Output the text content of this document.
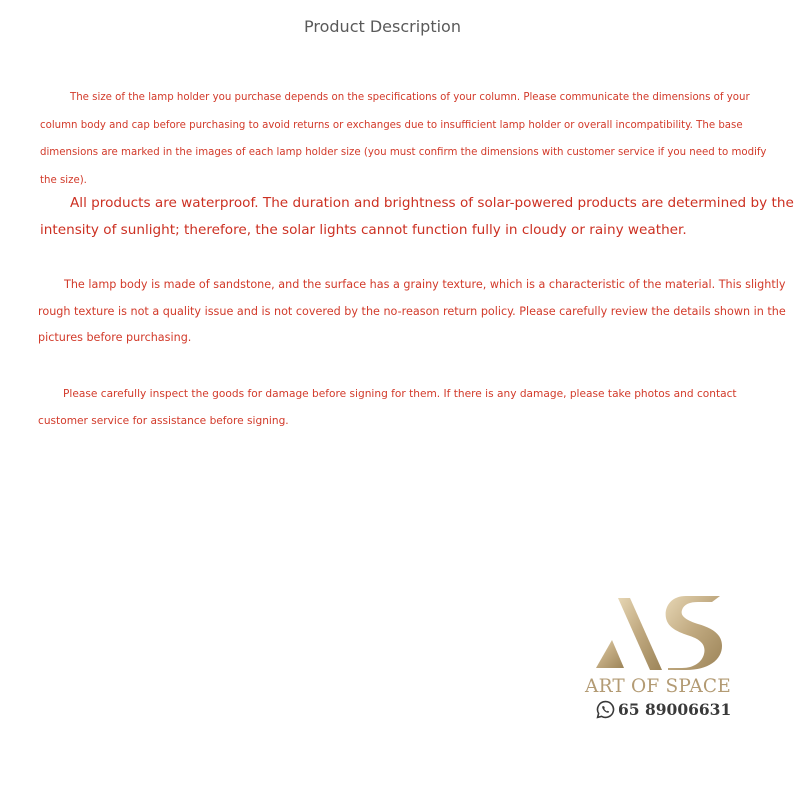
Product Description

The size of the lamp holder you purchase depends on the specifications of your column. Please communicate the dimensions of your column body and cap before purchasing to avoid returns or exchanges due to insufficient lamp holder or overall incompatibility. The base dimensions are marked in the images of each lamp holder size (you must confirm the dimensions with customer service if you need to modify the size).

All products are waterproof. The duration and brightness of solar-powered products are determined by the intensity of sunlight; therefore, the solar lights cannot function fully in cloudy or rainy weather.

The lamp body is made of sandstone, and the surface has a grainy texture, which is a characteristic of the material. This slightly rough texture is not a quality issue and is not covered by the no-reason return policy. Please carefully review the details shown in the pictures before purchasing.

Please carefully inspect the goods for damage before signing for them. If there is any damage, please take photos and contact customer service for assistance before signing.

ART OF SPACE
65 89006631
